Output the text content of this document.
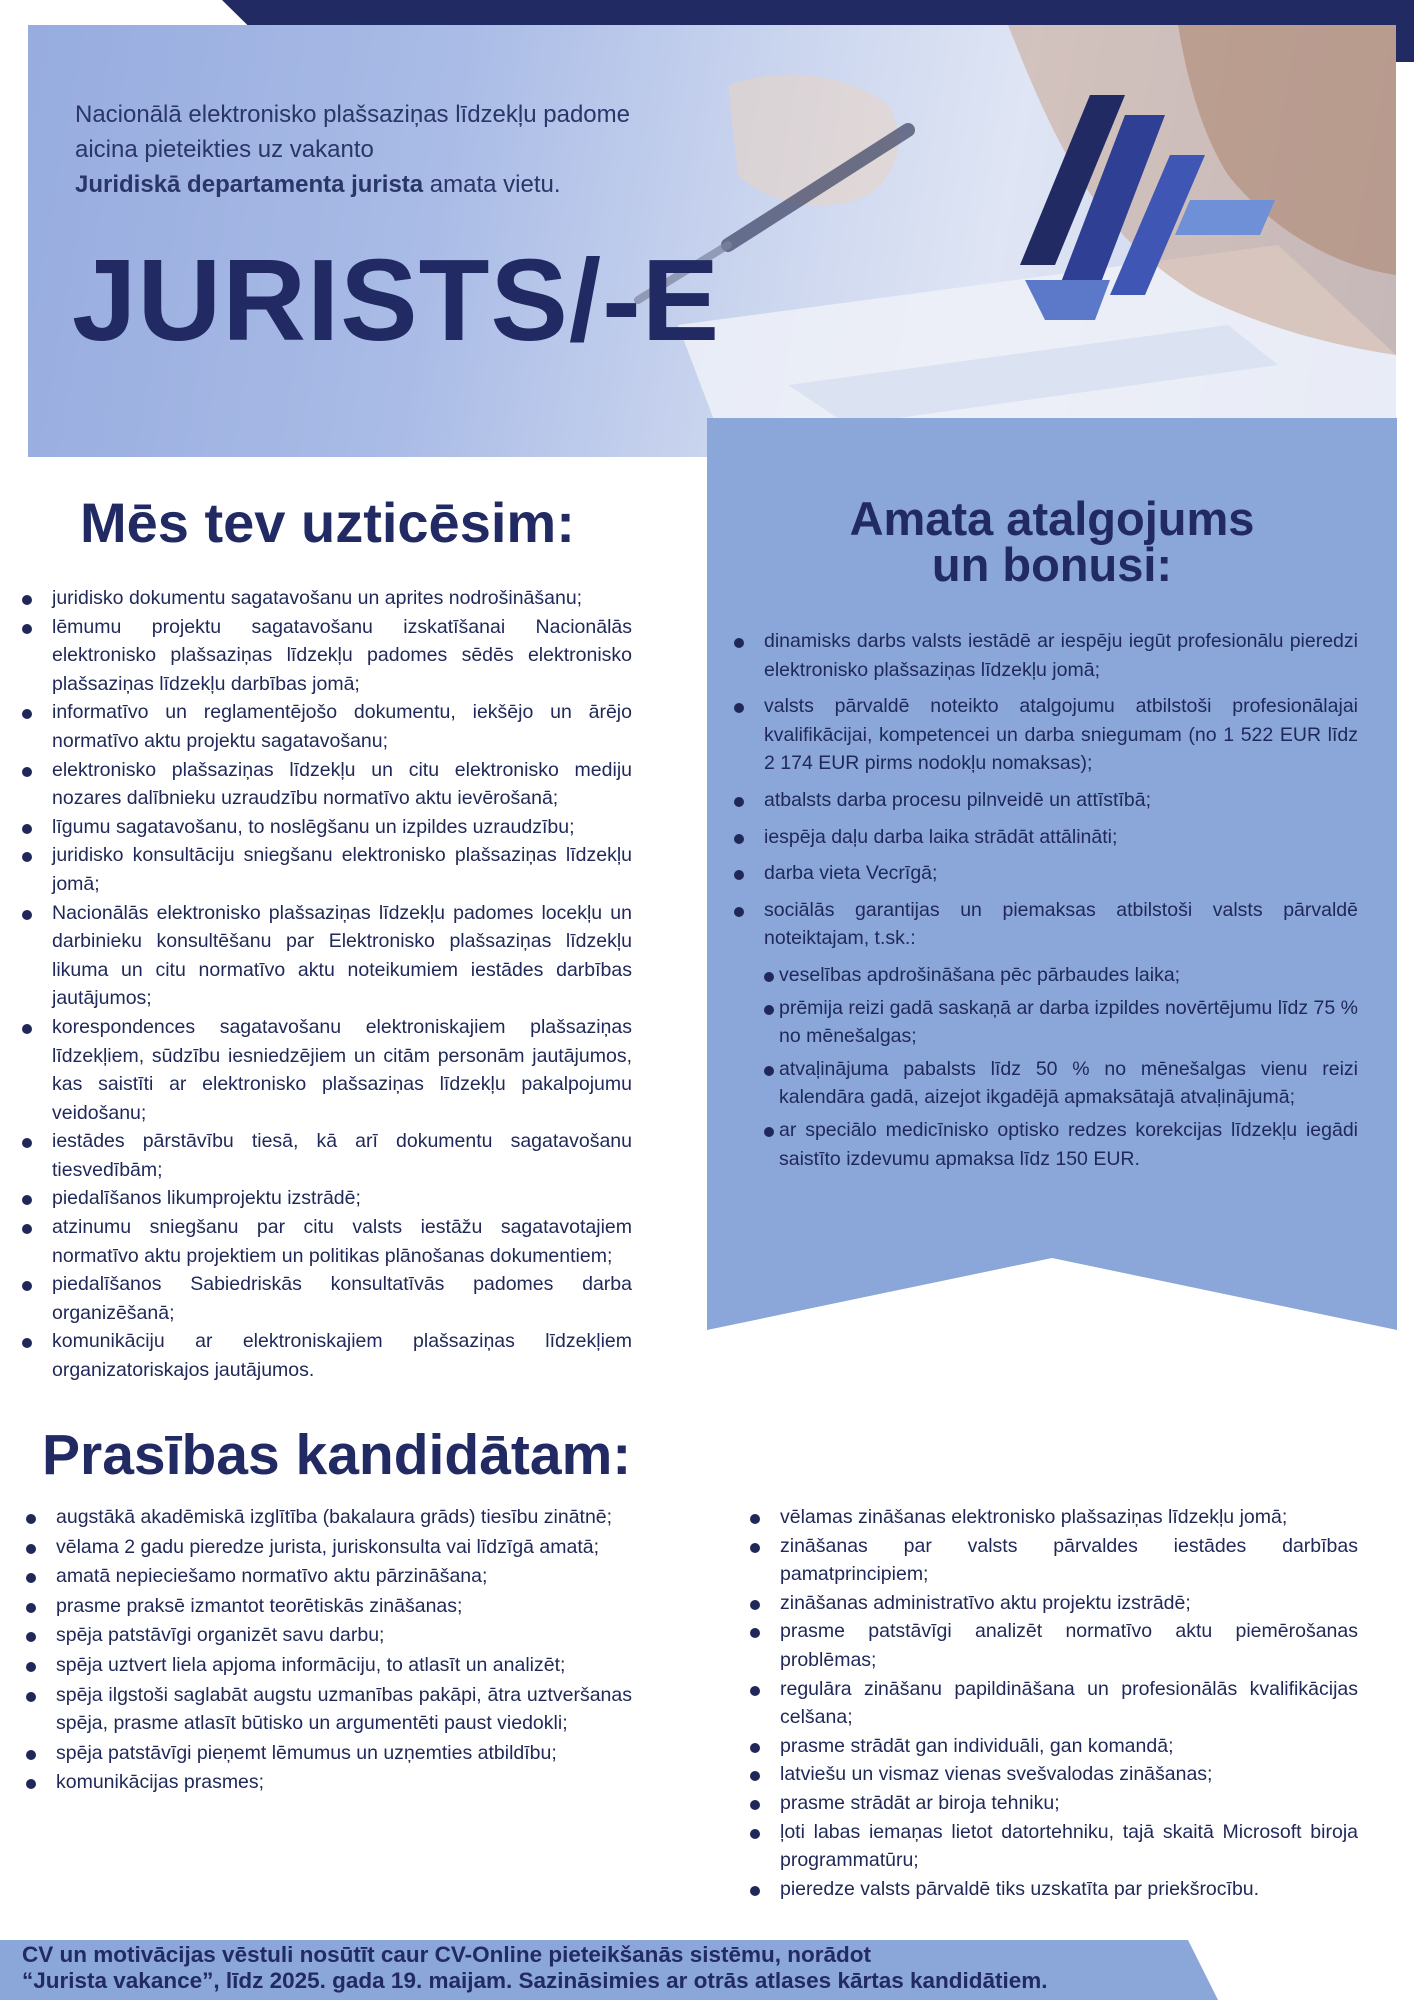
Nacionālā elektronisko plašsaziņas līdzekļu padome
aicina pieteikties uz vakanto
Juridiskā departamenta jurista amata vietu.
JURISTS/-E
Amata atalgojums
un bonusi:
Mēs tev uzticēsim:
juridisko dokumentu sagatavošanu un aprites nodrošināšanu;
lēmumu projektu sagatavošanu izskatīšanai Nacionālās elektronisko plašsaziņas līdzekļu padomes sēdēs elektronisko plašsaziņas līdzekļu darbības jomā;
informatīvo un reglamentējošo dokumentu, iekšējo un ārējo normatīvo aktu projektu sagatavošanu;
elektronisko plašsaziņas līdzekļu un citu elektronisko mediju nozares dalībnieku uzraudzību normatīvo aktu ievērošanā;
līgumu sagatavošanu, to noslēgšanu un izpildes uzraudzību;
juridisko konsultāciju sniegšanu elektronisko plašsaziņas līdzekļu jomā;
Nacionālās elektronisko plašsaziņas līdzekļu padomes locekļu un darbinieku konsultēšanu par Elektronisko plašsaziņas līdzekļu likuma un citu normatīvo aktu noteikumiem iestādes darbības jautājumos;
korespondences sagatavošanu elektroniskajiem plašsaziņas līdzekļiem, sūdzību iesniedzējiem un citām personām jautājumos, kas saistīti ar elektronisko plašsaziņas līdzekļu pakalpojumu veidošanu;
iestādes pārstāvību tiesā, kā arī dokumentu sagatavošanu tiesvedībām;
piedalīšanos likumprojektu izstrādē;
atzinumu sniegšanu par citu valsts iestāžu sagatavotajiem normatīvo aktu projektiem un politikas plānošanas dokumentiem;
piedalīšanos Sabiedriskās konsultatīvās padomes darba organizēšanā;
komunikāciju ar elektroniskajiem plašsaziņas līdzekļiem organizatoriskajos jautājumos.
dinamisks darbs valsts iestādē ar iespēju iegūt profesionālu pieredzi elektronisko plašsaziņas līdzekļu jomā;
valsts pārvaldē noteikto atalgojumu atbilstoši profesionālajai kvalifikācijai, kompetencei un darba sniegumam (no 1 522 EUR līdz 2 174 EUR pirms nodokļu nomaksas);
atbalsts darba procesu pilnveidē un attīstībā;
iespēja daļu darba laika strādāt attālināti;
darba vieta Vecrīgā;
sociālās garantijas un piemaksas atbilstoši valsts pārvaldē noteiktajam, t.sk.:
veselības apdrošināšana pēc pārbaudes laika;
prēmija reizi gadā saskaņā ar darba izpildes novērtējumu līdz 75 % no mēnešalgas;
atvaļinājuma pabalsts līdz 50 % no mēnešalgas vienu reizi kalendāra gadā, aizejot ikgadējā apmaksātajā atvaļinājumā;
ar speciālo medicīnisko optisko redzes korekcijas līdzekļu iegādi saistīto izdevumu apmaksa līdz 150 EUR.
Prasības kandidātam:
augstākā akadēmiskā izglītība (bakalaura grāds) tiesību zinātnē;
vēlama 2 gadu pieredze jurista, juriskonsulta vai līdzīgā amatā;
amatā nepieciešamo normatīvo aktu pārzināšana;
prasme praksē izmantot teorētiskās zināšanas;
spēja patstāvīgi organizēt savu darbu;
spēja uztvert liela apjoma informāciju, to atlasīt un analizēt;
spēja ilgstoši saglabāt augstu uzmanības pakāpi, ātra uztveršanas spēja, prasme atlasīt būtisko un argumentēti paust viedokli;
spēja patstāvīgi pieņemt lēmumus un uzņemties atbildību;
komunikācijas prasmes;
vēlamas zināšanas elektronisko plašsaziņas līdzekļu jomā;
zināšanas par valsts pārvaldes iestādes darbības pamatprincipiem;
zināšanas administratīvo aktu projektu izstrādē;
prasme patstāvīgi analizēt normatīvo aktu piemērošanas problēmas;
regulāra zināšanu papildināšana un profesionālās kvalifikācijas celšana;
prasme strādāt gan individuāli, gan komandā;
latviešu un vismaz vienas svešvalodas zināšanas;
prasme strādāt ar biroja tehniku;
ļoti labas iemaņas lietot datortehniku, tajā skaitā Microsoft biroja programmatūru;
pieredze valsts pārvaldē tiks uzskatīta par priekšrocību.
CV un motivācijas vēstuli nosūtīt caur CV-Online pieteikšanās sistēmu, norādot
“Jurista vakance”, līdz 2025. gada 19. maijam. Sazināsimies ar otrās atlases kārtas kandidātiem.
